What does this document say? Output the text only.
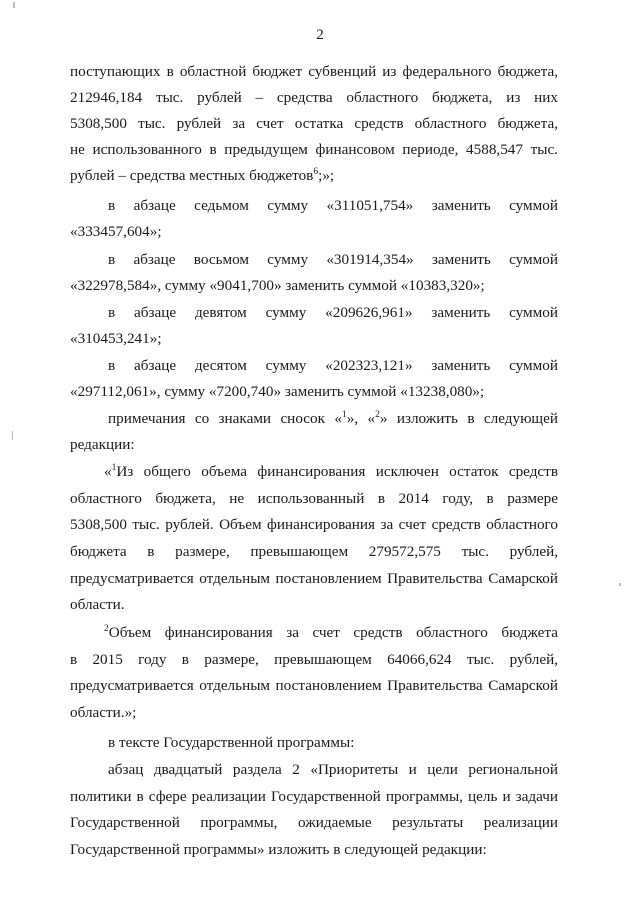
2
поступающих в областной бюджет субвенций из федерального бюджета,
212946,184 тыс. рублей – средства областного бюджета, из них
5308,500 тыс. рублей за счет остатка средств областного бюджета,
не использованного в предыдущем финансовом периоде, 4588,547 тыс.
рублей – средства местных бюджетов$^6$;»;
в абзаце седьмом сумму «311051,754» заменить суммой
«333457,604»;
в абзаце восьмом сумму «301914,354» заменить суммой
«322978,584», сумму «9041,700» заменить суммой «10383,320»;
в абзаце девятом сумму «209626,961» заменить суммой
«310453,241»;
в абзаце десятом сумму «202323,121» заменить суммой
«297112,061», сумму «7200,740» заменить суммой «13238,080»;
примечания со знаками сносок «$^1$», «$^2$» изложить в следующей
редакции:
«$^1$Из общего объема финансирования исключен остаток средств
областного бюджета, не использованный в 2014 году, в размере
5308,500 тыс. рублей. Объем финансирования за счет средств областного
бюджета в размере, превышающем 279572,575 тыс. рублей,
предусматривается отдельным постановлением Правительства Самарской
области.
$^2$Объем финансирования за счет средств областного бюджета
в 2015 году в размере, превышающем 64066,624 тыс. рублей,
предусматривается отдельным постановлением Правительства Самарской
области.»;
в тексте Государственной программы:
абзац двадцатый раздела 2 «Приоритеты и цели региональной
политики в сфере реализации Государственной программы, цель и задачи
Государственной программы, ожидаемые результаты реализации
Государственной программы» изложить в следующей редакции:
